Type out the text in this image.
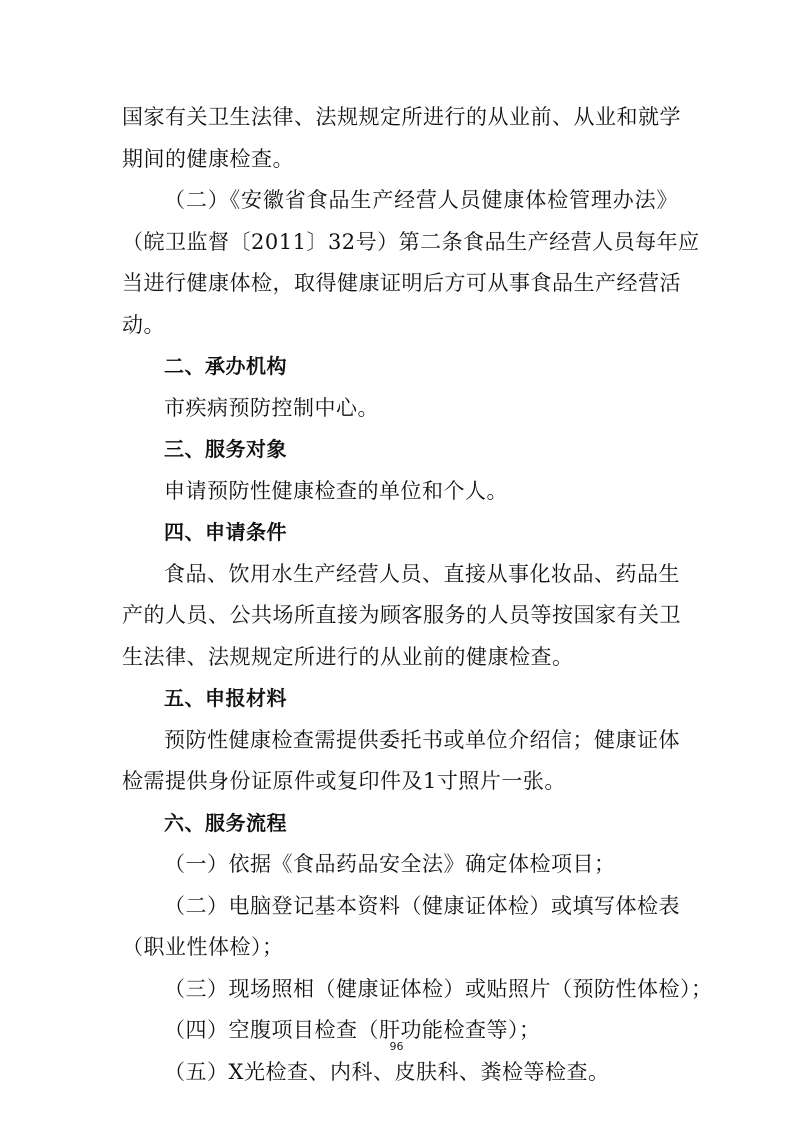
国家有关卫生法律、法规规定所进行的从业前、从业和就学
期间的健康检查。
（二）《安徽省食品生产经营人员健康体检管理办法》
（皖卫监督〔2011〕32号）第二条食品生产经营人员每年应
当进行健康体检，取得健康证明后方可从事食品生产经营活
动。
二、承办机构
市疾病预防控制中心。
三、服务对象
申请预防性健康检查的单位和个人。
四、申请条件
食品、饮用水生产经营人员、直接从事化妆品、药品生
产的人员、公共场所直接为顾客服务的人员等按国家有关卫
生法律、法规规定所进行的从业前的健康检查。
五、申报材料
预防性健康检查需提供委托书或单位介绍信；健康证体
检需提供身份证原件或复印件及1寸照片一张。
六、服务流程
（一）依据《食品药品安全法》确定体检项目；
（二）电脑登记基本资料（健康证体检）或填写体检表
（职业性体检）；
（三）现场照相（健康证体检）或贴照片（预防性体检）；
（四）空腹项目检查（肝功能检查等）；
（五）X光检查、内科、皮肤科、粪检等检查。
96
